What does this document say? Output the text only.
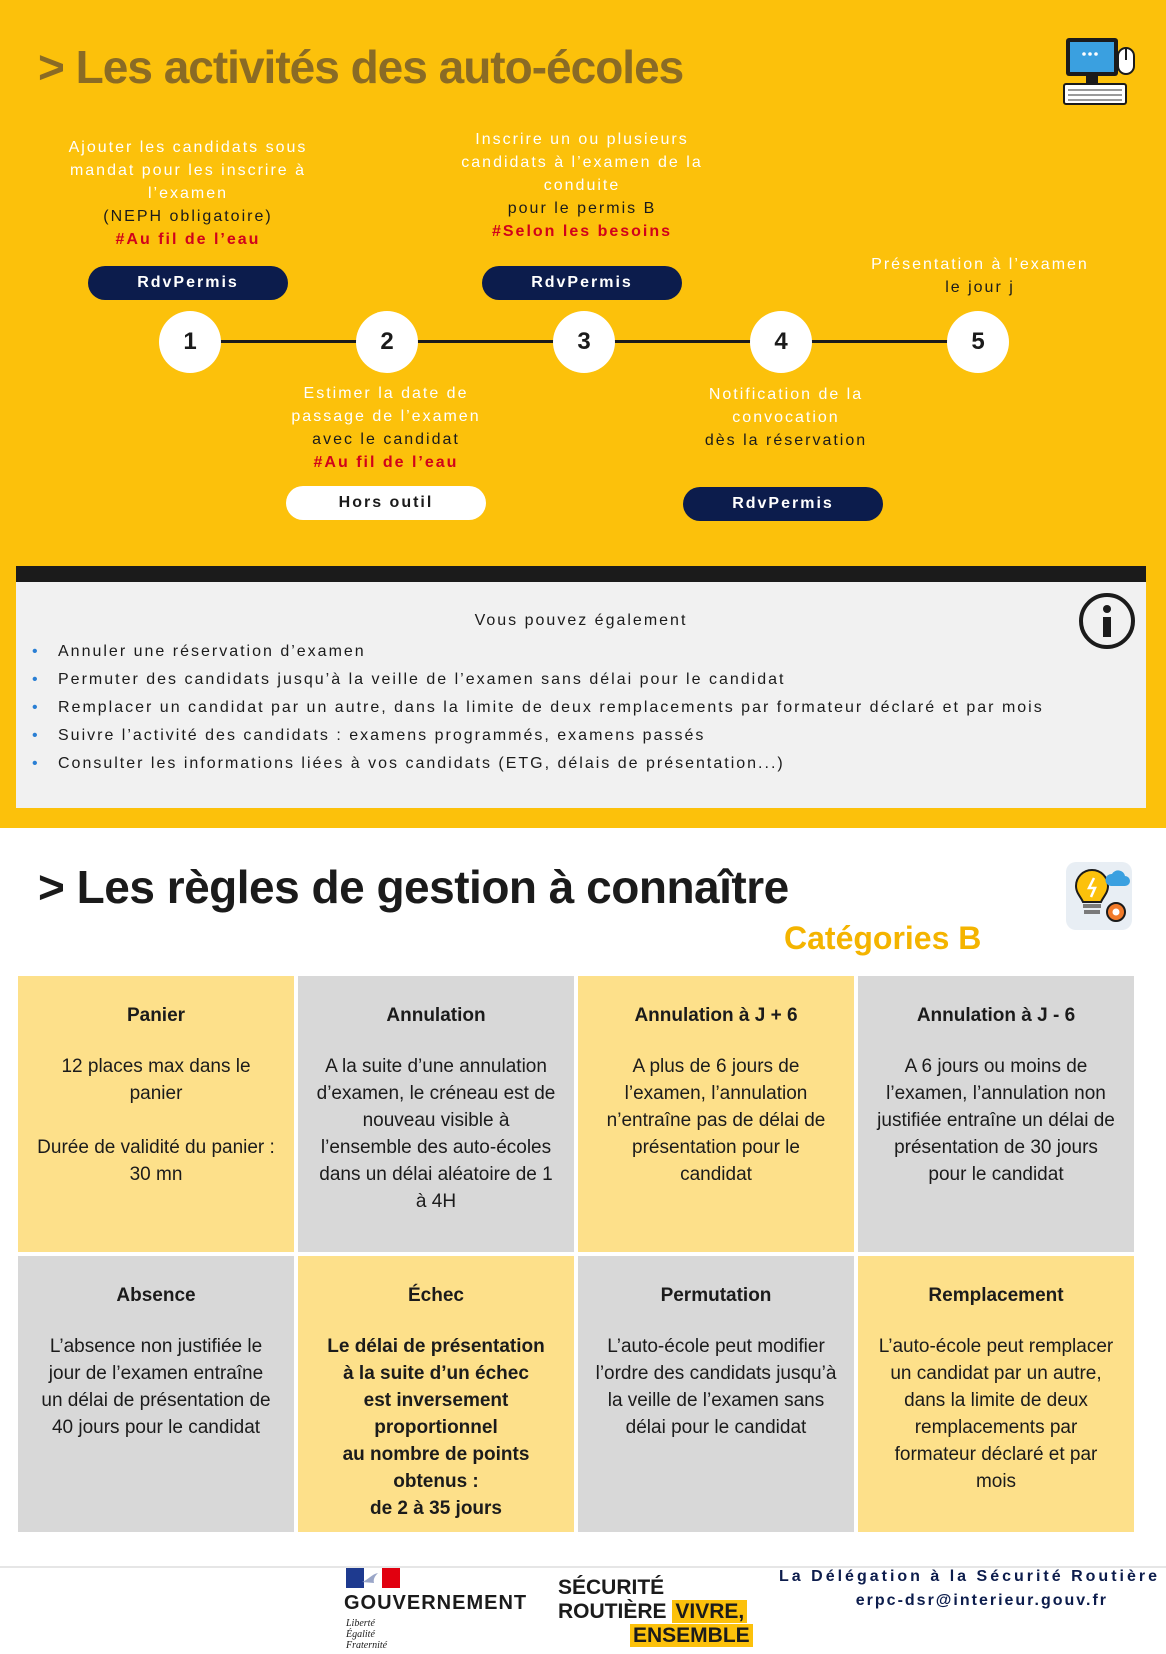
> Les activités des auto-écoles
Ajouter les candidats sous
mandat pour les inscrire à
l’examen
(NEPH obligatoire)
#Au fil de l’eau
RdvPermis
Inscrire un ou plusieurs
candidats à l’examen de la
conduite
pour le permis B
#Selon les besoins
RdvPermis
Présentation à l’examen
le jour j
1	2	3	4	5
Estimer la date de
passage de l’examen
avec le candidat
#Au fil de l’eau
Hors outil
Notification de la
convocation
dès la réservation
RdvPermis
Vous pouvez également
• Annuler une réservation d’examen
• Permuter des candidats jusqu’à la veille de l’examen sans délai pour le candidat
• Remplacer un candidat par un autre, dans la limite de deux remplacements par formateur déclaré et par mois
• Suivre l’activité des candidats : examens programmés, examens passés
• Consulter les informations liées à vos candidats (ETG, délais de présentation...)
> Les règles de gestion à connaître
Catégories B
Panier
12 places max dans le
panier
Durée de validité du panier :
30 mn
Annulation
A la suite d’une annulation
d’examen, le créneau est de
nouveau visible à
l’ensemble des auto-écoles
dans un délai aléatoire de 1
à 4H
Annulation à J + 6
A plus de 6 jours de
l’examen, l’annulation
n’entraîne pas de délai de
présentation pour le
candidat
Annulation à J - 6
A 6 jours ou moins de
l’examen, l’annulation non
justifiée entraîne un délai de
présentation de 30 jours
pour le candidat
Absence
L’absence non justifiée le
jour de l’examen entraîne
un délai de présentation de
40 jours pour le candidat
Échec
Le délai de présentation
à la suite d’un échec
est inversement
proportionnel
au nombre de points
obtenus :
de 2 à 35 jours
Permutation
L’auto-école peut modifier
l’ordre des candidats jusqu’à
la veille de l’examen sans
délai pour le candidat
Remplacement
L’auto-école peut remplacer
un candidat par un autre,
dans la limite de deux
remplacements par
formateur déclaré et par
mois
GOUVERNEMENT
Liberté
Égalité
Fraternité
SÉCURITÉ
ROUTIÈRE VIVRE,
ENSEMBLE
La Délégation à la Sécurité Routière
erpc-dsr@interieur.gouv.fr
